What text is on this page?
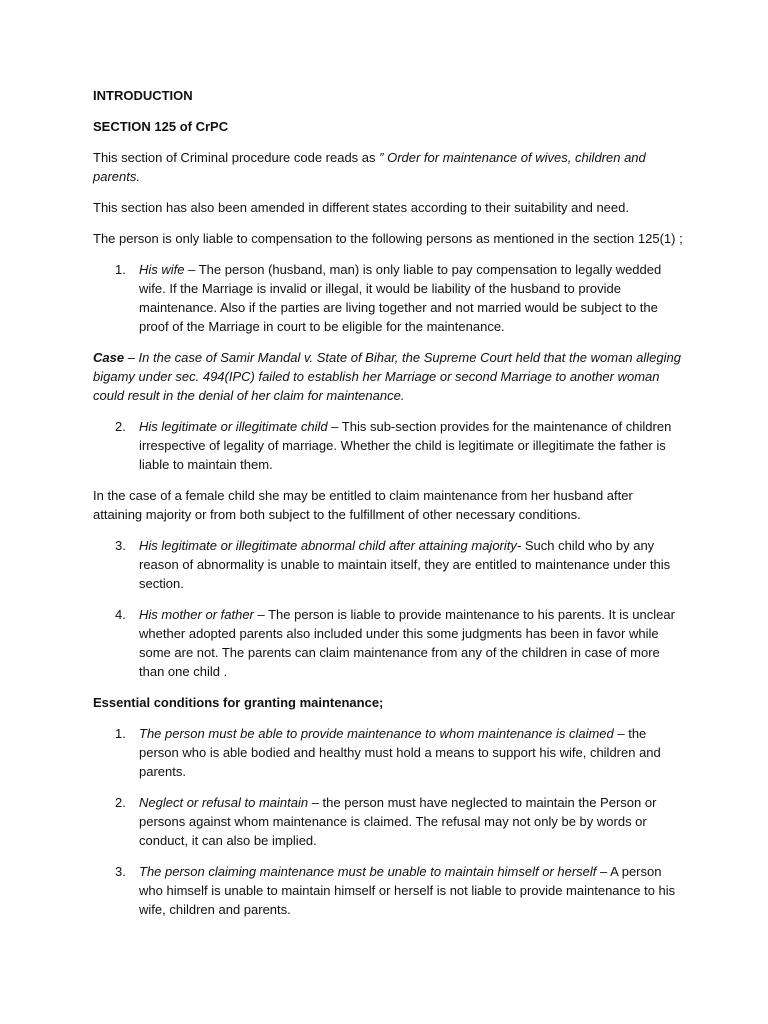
INTRODUCTION
SECTION 125 of CrPC

This section of Criminal procedure code reads as ” Order for maintenance of wives, children and parents.

This section has also been amended in different states according to their suitability and need.

The person is only liable to compensation to the following persons as mentioned in the section 125(1) ;

1.	His wife – The person (husband, man) is only liable to pay compensation to legally wedded wife. If the Marriage is invalid or illegal, it would be liability of the husband to provide maintenance. Also if the parties are living together and not married would be subject to the proof of the Marriage in court to be eligible for the maintenance.

Case – In the case of Samir Mandal v. State of Bihar, the Supreme Court held that the woman alleging bigamy under sec. 494(IPC) failed to establish her Marriage or second Marriage to another woman could result in the denial of her claim for maintenance.

2.	His legitimate or illegitimate child – This sub-section provides for the maintenance of children irrespective of legality of marriage. Whether the child is legitimate or illegitimate the father is liable to maintain them.

In the case of a female child she may be entitled to claim maintenance from her husband after attaining majority or from both subject to the fulfillment of other necessary conditions.

3.	His legitimate or illegitimate abnormal child after attaining majority- Such child who by any reason of abnormality is unable to maintain itself, they are entitled to maintenance under this section.
4.	His mother or father – The person is liable to provide maintenance to his parents. It is unclear whether adopted parents also included under this some judgments has been in favor while some are not. The parents can claim maintenance from any of the children in case of more than one child .
Essential conditions for granting maintenance;
1.	The person must be able to provide maintenance to whom maintenance is claimed – the person who is able bodied and healthy must hold a means to support his wife, children and parents.
2.	Neglect or refusal to maintain – the person must have neglected to maintain the Person or persons against whom maintenance is claimed. The refusal may not only be by words or conduct, it can also be implied.
3.	The person claiming maintenance must be unable to maintain himself or herself – A person who himself is unable to maintain himself or herself is not liable to provide maintenance to his wife, children and parents.
